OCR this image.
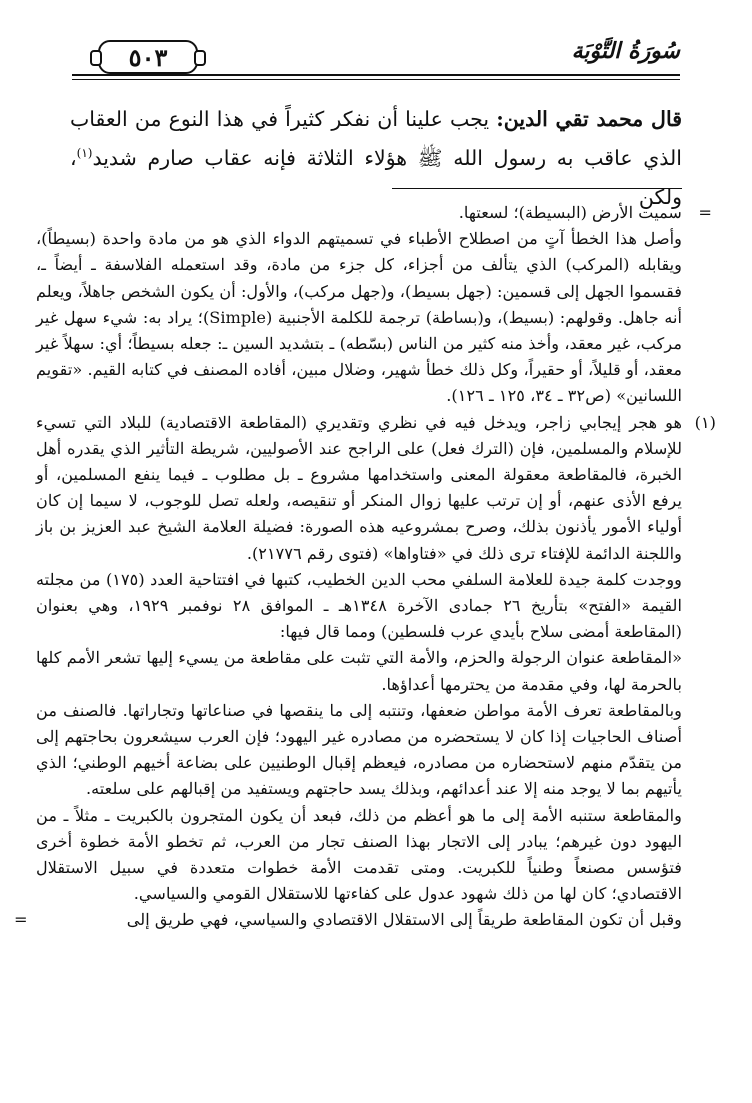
سُورَةُ التَّوْبَة
٥٠٣
قال محمد تقي الدين: يجب علينا أن نفكر كثيراً في هذا النوع من العقاب
الذي عاقب به رسول الله ﷺ هؤلاء الثلاثة فإنه عقاب صارم شديد$^{(١)}$، ولكن
=

سميت الأرض (البسيطة)؛ لسعتها.

وأصل هذا الخطأ آتٍ من اصطلاح الأطباء في تسميتهم الدواء الذي هو من مادة واحدة (بسيطاً)، ويقابله (المركب) الذي يتألف من أجزاء، كل جزء من مادة، وقد استعمله الفلاسفة ـ أيضاً ـ، فقسموا الجهل إلى قسمين: (جهل بسيط)، و(جهل مركب)، والأول: أن يكون الشخص جاهلاً، ويعلم أنه جاهل. وقولهم: (بسيط)، و(بساطة) ترجمة للكلمة الأجنبية (Simple)؛ يراد به: شيء سهل غير مركب، غير معقد، وأخذ منه كثير من الناس (بسّطه) ـ بتشديد السين ـ: جعله بسيطاً؛ أي: سهلاً غير معقد، أو قليلاً، أو حقيراً، وكل ذلك خطأ شهير، وضلال مبين، أفاده المصنف في كتابه القيم. «تقويم اللسانين» (ص٣٢ ـ ٣٤، ١٢٥ ـ ١٢٦).

(١)

هو هجر إيجابي زاجر، ويدخل فيه في نظري وتقديري (المقاطعة الاقتصادية) للبلاد التي تسيء للإسلام والمسلمين، فإن (الترك فعل) على الراجح عند الأصوليين، شريطة التأثير الذي يقدره أهل الخبرة، فالمقاطعة معقولة المعنى واستخدامها مشروع ـ بل مطلوب ـ فيما ينفع المسلمين، أو يرفع الأذى عنهم، أو إن ترتب عليها زوال المنكر أو تنقيصه، ولعله تصل للوجوب، لا سيما إن كان أولياء الأمور يأذنون بذلك، وصرح بمشروعيه هذه الصورة: فضيلة العلامة الشيخ عبد العزيز بن باز واللجنة الدائمة للإفتاء ترى ذلك في «فتاواها» (فتوى رقم ٢١٧٧٦).

ووجدت كلمة جيدة للعلامة السلفي محب الدين الخطيب، كتبها في افتتاحية العدد (١٧٥) من مجلته القيمة «الفتح» بتأريخ ٢٦ جمادى الآخرة ١٣٤٨هـ ـ الموافق ٢٨ نوفمبر ١٩٢٩، وهي بعنوان (المقاطعة أمضى سلاح بأيدي عرب فلسطين) ومما قال فيها:

«المقاطعة عنوان الرجولة والحزم، والأمة التي تثبت على مقاطعة من يسيء إليها تشعر الأمم كلها بالحرمة لها، وفي مقدمة من يحترمها أعداؤها.

وبالمقاطعة تعرف الأمة مواطن ضعفها، وتنتبه إلى ما ينقصها في صناعاتها وتجاراتها. فالصنف من أصناف الحاجيات إذا كان لا يستحضره من مصادره غير اليهود؛ فإن العرب سيشعرون بحاجتهم إلى من يتقدّم منهم لاستحضاره من مصادره، فيعظم إقبال الوطنيين على بضاعة أخيهم الوطني؛ الذي يأتيهم بما لا يوجد منه إلا عند أعدائهم، وبذلك يسد حاجتهم ويستفيد من إقبالهم على سلعته.

والمقاطعة ستنبه الأمة إلى ما هو أعظم من ذلك، فبعد أن يكون المتجرون بالكبريت ـ مثلاً ـ من اليهود دون غيرهم؛ يبادر إلى الاتجار بهذا الصنف تجار من العرب، ثم تخطو الأمة خطوة أخرى فتؤسس مصنعاً وطنياً للكبريت. ومتى تقدمت الأمة خطوات متعددة في سبيل الاستقلال الاقتصادي؛ كان لها من ذلك شهود عدول على كفاءتها للاستقلال القومي والسياسي.

وقبل أن تكون المقاطعة طريقاً إلى الاستقلال الاقتصادي والسياسي، فهي طريق إلى

=
